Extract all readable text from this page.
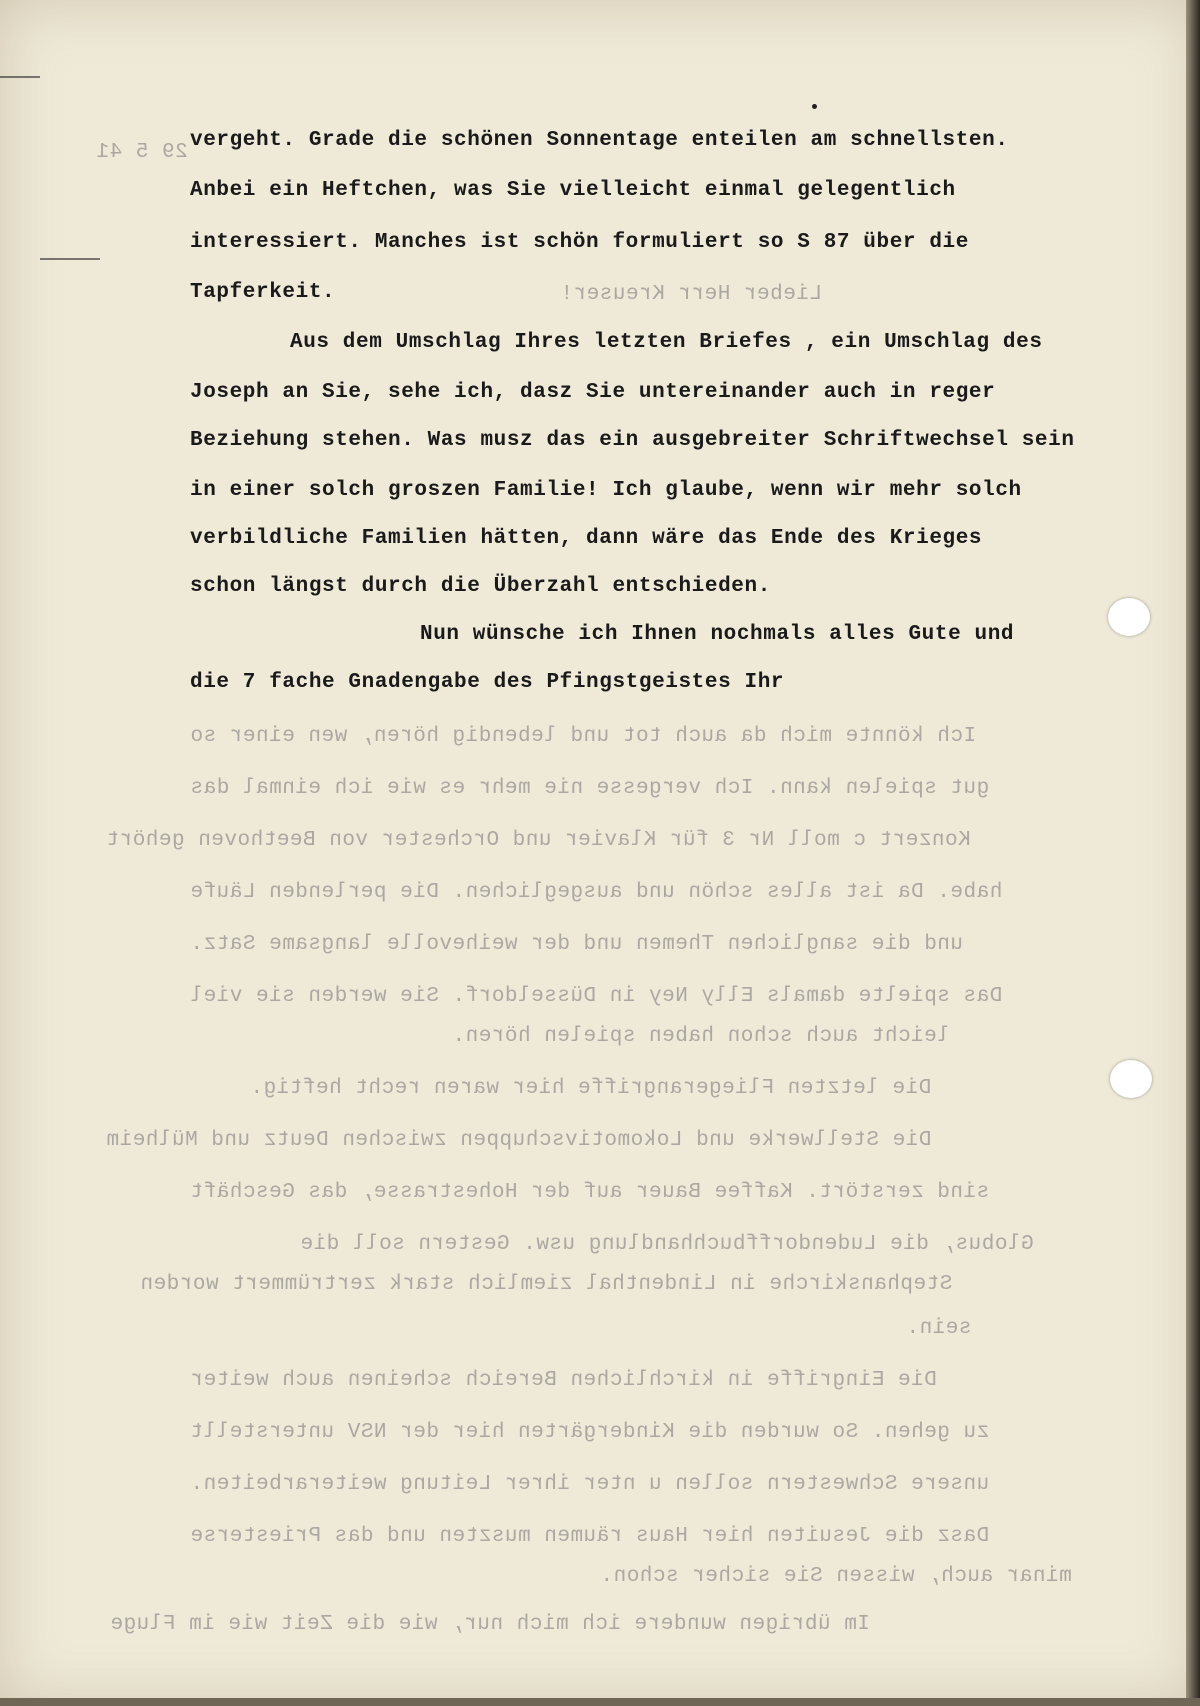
29 5 41
Lieber Herr Kreuser!
Ich könnte mich da auch tot und lebendig hören, wen einer so
gut spielen kann. Ich vergesse nie mehr es wie ich einmal das
Konzert c moll Nr 3 für Klavier und Orchester von Beethoven gehört
habe. Da ist alles schön und ausgeglichen. Die perlenden Läufe
und die sanglichen Themen und der weihevolle langsame Satz.
Das spielte damals Elly Ney in Düsseldorf. Sie werden sie viel
leicht auch schon haben spielen hören.
Die letzten Fliegerangriffe hier waren recht heftig.
Die Stellwerke und Lokomotivschuppen zwischen Deutz und Mülheim
sind zerstört. Kaffee Bauer auf der Hohestrasse, das Geschäft
Globus, die Ludendorffbuchhandlung usw. Gestern soll die
Stephanskirche in Lindenthal ziemlich stark zertrümmert worden
sein.
Die Eingriffe in kirchlichen Bereich scheinen auch weiter
zu gehen. So wurden die Kindergärten hier der NSV unterstellt
unsere Schwestern sollen u nter ihrer Leitung weiterarbeiten.
Dasz die Jesuiten hier Haus räumen muszten und das Priesterse
minar auch, wissen Sie sicher schon.
Im übrigen wundere ich mich nur, wie die Zeit wie im Fluge
vergeht. Grade die schönen Sonnentage enteilen am schnellsten.
Anbei ein Heftchen, was Sie vielleicht einmal gelegentlich
interessiert. Manches ist schön formuliert so S 87 über die
Tapferkeit.
Aus dem Umschlag Ihres letzten Briefes , ein Umschlag des
Joseph an Sie, sehe ich, dasz Sie untereinander auch in reger
Beziehung stehen. Was musz das ein ausgebreiter Schriftwechsel sein
in einer solch groszen Familie! Ich glaube, wenn wir mehr solch
verbildliche Familien hätten, dann wäre das Ende des Krieges
schon längst durch die Überzahl entschieden.
Nun wünsche ich Ihnen nochmals alles Gute und
die 7 fache Gnadengabe des Pfingstgeistes Ihr
